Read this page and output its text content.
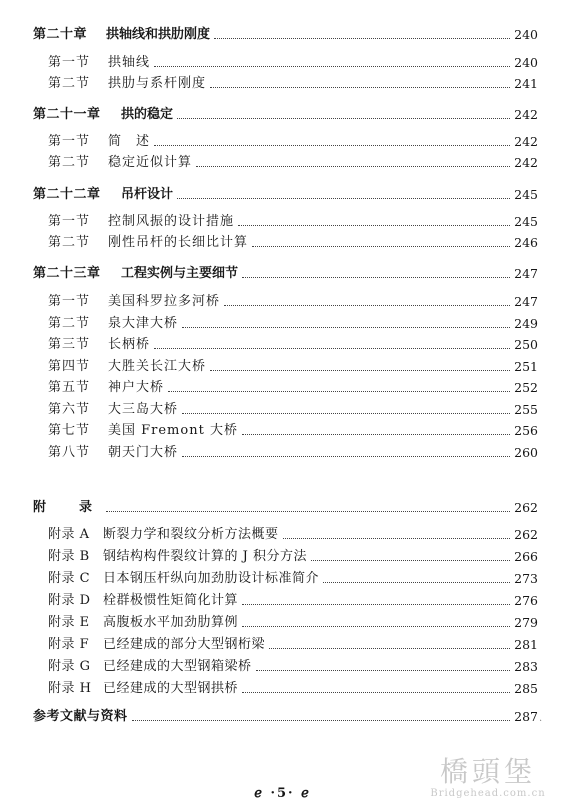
第二十章	拱轴线和拱肋刚度	240
第一节	拱轴线	240
第二节	拱肋与系杆刚度	241
第二十一章	拱的稳定	242
第一节	简　述	242
第二节	稳定近似计算	242
第二十二章	吊杆设计	245
第一节	控制风振的设计措施	245
第二节	刚性吊杆的长细比计算	246
第二十三章	工程实例与主要细节	247
第一节	美国科罗拉多河桥	247
第二节	泉大津大桥	249
第三节	长柄桥	250
第四节	大胜关长江大桥	251
第五节	神户大桥	252
第六节	大三岛大桥	255
第七节	美国 Fremont 大桥	256
第八节	朝天门大桥	260
附　录	262
附录 A	断裂力学和裂纹分析方法概要	262
附录 B	钢结构构件裂纹计算的 J 积分方法	266
附录 C 日本钢压杆纵向加劲肋设计标准简介	273
附录 D 栓群极惯性矩简化计算	276
附录 E	高腹板水平加劲肋算例	279
附录 F	已经建成的部分大型钢桁梁	281
附录 G 已经建成的大型钢箱梁桥	283
附录 H 已经建成的大型钢拱桥	285
参考文献与资料	287 .
ℯ ·5· ℯ
橋頭堡
Bridgehead.com.cn
